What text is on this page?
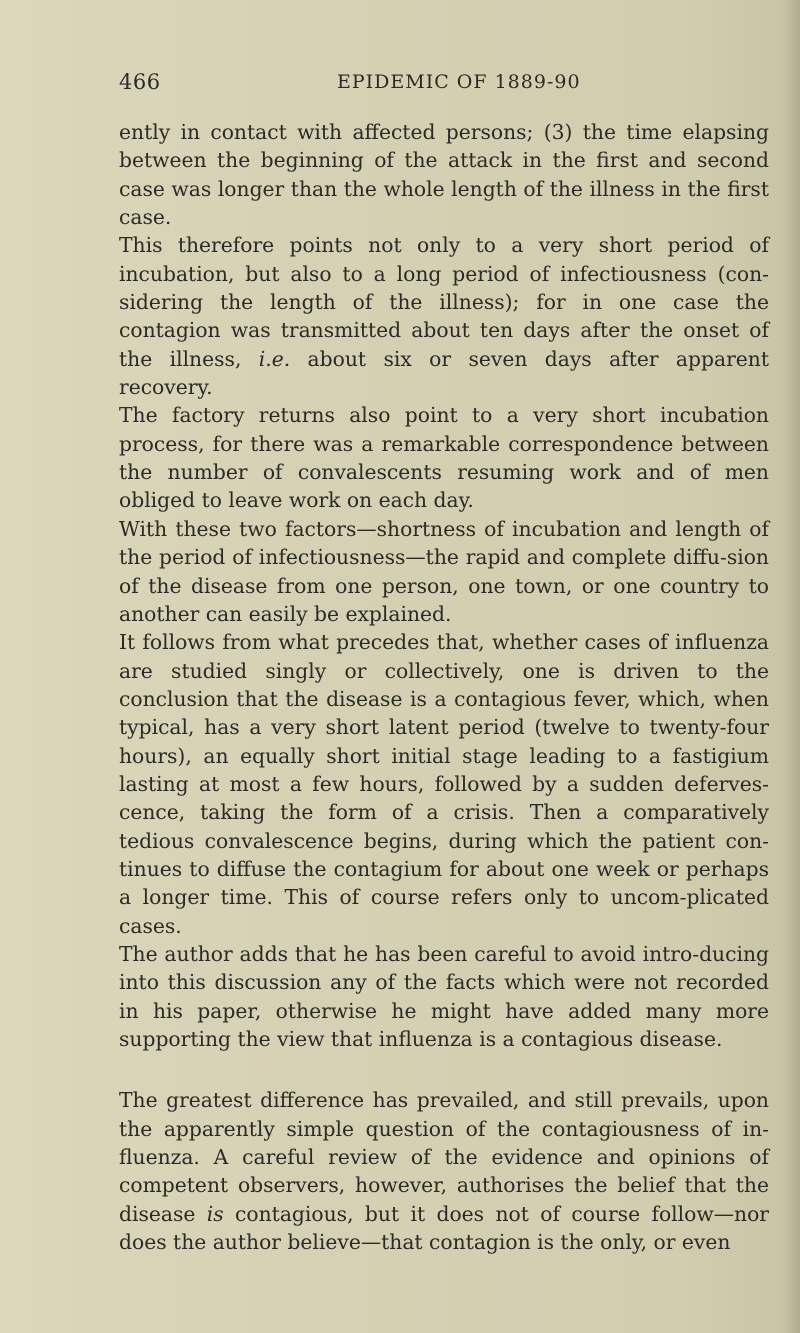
466	EPIDEMIC OF 1889-90

ently in contact with affected persons; (3) the time elapsing between the beginning of the attack in the first and second case was longer than the whole length of the illness in the first case.

This therefore points not only to a very short period of incubation, but also to a long period of infectiousness (con-sidering the length of the illness); for in one case the contagion was transmitted about ten days after the onset of the illness, i.e. about six or seven days after apparent recovery.

The factory returns also point to a very short incubation process, for there was a remarkable correspondence between the number of convalescents resuming work and of men obliged to leave work on each day.

With these two factors—shortness of incubation and length of the period of infectiousness—the rapid and complete diffu-sion of the disease from one person, one town, or one country to another can easily be explained.

It follows from what precedes that, whether cases of influenza are studied singly or collectively, one is driven to the conclusion that the disease is a contagious fever, which, when typical, has a very short latent period (twelve to twenty-four hours), an equally short initial stage leading to a fastigium lasting at most a few hours, followed by a sudden deferves-cence, taking the form of a crisis. Then a comparatively tedious convalescence begins, during which the patient con-tinues to diffuse the contagium for about one week or perhaps a longer time. This of course refers only to uncom-plicated cases.

The author adds that he has been careful to avoid intro-ducing into this discussion any of the facts which were not recorded in his paper, otherwise he might have added many more supporting the view that influenza is a contagious disease.

The greatest difference has prevailed, and still prevails, upon the apparently simple question of the contagiousness of in-fluenza. A careful review of the evidence and opinions of competent observers, however, authorises the belief that the disease is contagious, but it does not of course follow—nor does the author believe—that contagion is the only, or even
